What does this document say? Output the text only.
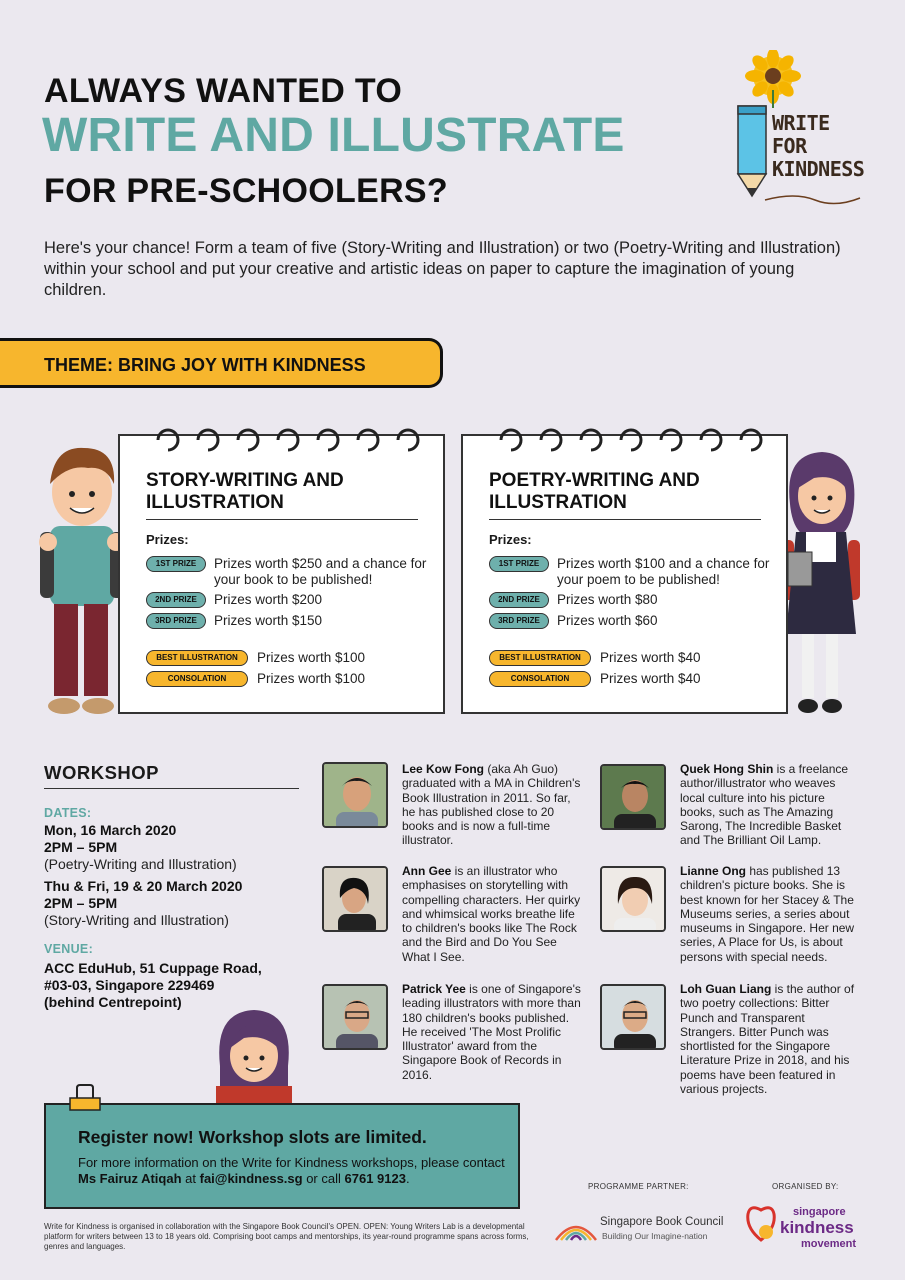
ALWAYS WANTED TO
WRITE AND ILLUSTRATE
FOR PRE-SCHOOLERS?
WRITE
FOR
KINDNESS
Here's your chance! Form a team of five (Story-Writing and Illustration) or two (Poetry-Writing and Illustration) within your school and put your creative and artistic ideas on paper to capture the imagination of young children.
THEME: BRING JOY WITH KINDNESS
STORY-WRITING AND
ILLUSTRATION
Prizes:
1ST PRIZE	Prizes worth $250 and a chance for your book to be published!
2ND PRIZE	Prizes worth $200
3RD PRIZE	Prizes worth $150
BEST ILLUSTRATION	Prizes worth $100
CONSOLATION	Prizes worth $100
POETRY-WRITING AND
ILLUSTRATION
Prizes:
1ST PRIZE	Prizes worth $100 and a chance for your poem to be published!
2ND PRIZE	Prizes worth $80
3RD PRIZE	Prizes worth $60
BEST ILLUSTRATION	Prizes worth $40
CONSOLATION	Prizes worth $40
WORKSHOP
DATES:
Mon, 16 March 2020
2PM – 5PM
(Poetry-Writing and Illustration)
Thu & Fri, 19 & 20 March 2020
2PM – 5PM
(Story-Writing and Illustration)
VENUE:
ACC EduHub, 51 Cuppage Road,
#03-03, Singapore 229469
(behind Centrepoint)
Lee Kow Fong (aka Ah Guo) graduated with a MA in Children's Book Illustration in 2011. So far, he has published close to 20 books and is now a full-time illustrator.
Quek Hong Shin is a freelance author/illustrator who weaves local culture into his picture books, such as The Amazing Sarong, The Incredible Basket and The Brilliant Oil Lamp.
Ann Gee is an illustrator who emphasises on storytelling with compelling characters. Her quirky and whimsical works breathe life to children's books like The Rock and the Bird and Do You See What I See.
Lianne Ong has published 13 children's picture books. She is best known for her Stacey & The Museums series, a series about museums in Singapore. Her new series, A Place for Us, is about persons with special needs.
Patrick Yee is one of Singapore's leading illustrators with more than 180 children's books published. He received 'The Most Prolific Illustrator' award from the Singapore Book of Records in 2016.
Loh Guan Liang is the author of two poetry collections: Bitter Punch and Transparent Strangers. Bitter Punch was shortlisted for the Singapore Literature Prize in 2018, and his poems have been featured in various projects.
Register now! Workshop slots are limited.
For more information on the Write for Kindness workshops, please contact Ms Fairuz Atiqah at fai@kindness.sg or call 6761 9123.
Write for Kindness is organised in collaboration with the Singapore Book Council's OPEN. OPEN: Young Writers Lab is a developmental platform for writers between 13 to 18 years old. Comprising boot camps and mentorships, its year-round programme spans across forms, genres and languages.
PROGRAMME PARTNER:
Singapore Book Council
Building Our Imagine-nation
ORGANISED BY:
singapore
kindness
movement
